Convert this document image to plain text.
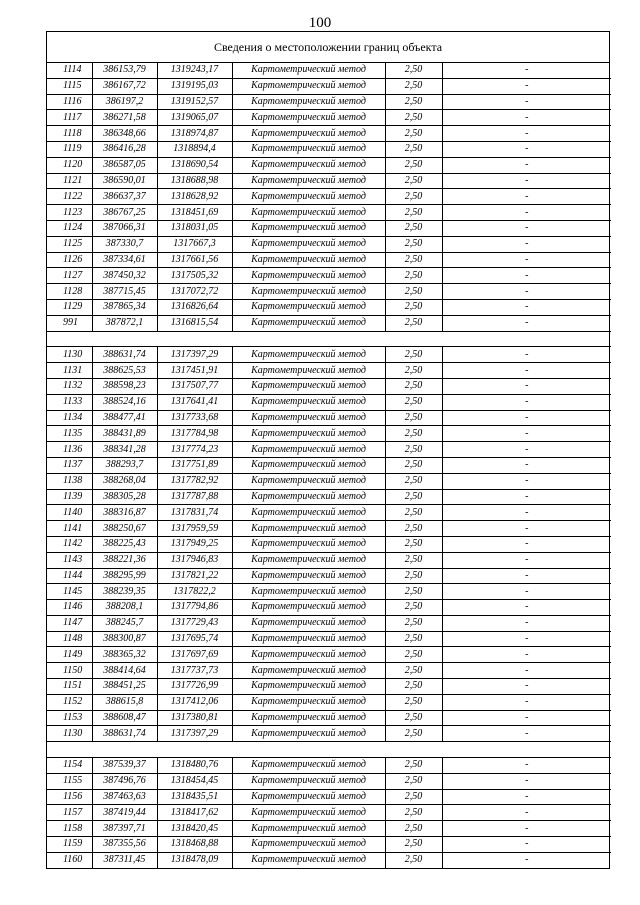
100
Сведения о местоположении границ объекта
1114	386153,79	1319243,17	Картометрический метод	2,50	-
1115	386167,72	1319195,03	Картометрический метод	2,50	-
1116	386197,2	1319152,57	Картометрический метод	2,50	-
1117	386271,58	1319065,07	Картометрический метод	2,50	-
1118	386348,66	1318974,87	Картометрический метод	2,50	-
1119	386416,28	1318894,4	Картометрический метод	2,50	-
1120	386587,05	1318690,54	Картометрический метод	2,50	-
1121	386590,01	1318688,98	Картометрический метод	2,50	-
1122	386637,37	1318628,92	Картометрический метод	2,50	-
1123	386767,25	1318451,69	Картометрический метод	2,50	-
1124	387066,31	1318031,05	Картометрический метод	2,50	-
1125	387330,7	1317667,3	Картометрический метод	2,50	-
1126	387334,61	1317661,56	Картометрический метод	2,50	-
1127	387450,32	1317505,32	Картометрический метод	2,50	-
1128	387715,45	1317072,72	Картометрический метод	2,50	-
1129	387865,34	1316826,64	Картометрический метод	2,50	-
991	387872,1	1316815,54	Картометрический метод	2,50	-

1130	388631,74	1317397,29	Картометрический метод	2,50	-
1131	388625,53	1317451,91	Картометрический метод	2,50	-
1132	388598,23	1317507,77	Картометрический метод	2,50	-
1133	388524,16	1317641,41	Картометрический метод	2,50	-
1134	388477,41	1317733,68	Картометрический метод	2,50	-
1135	388431,89	1317784,98	Картометрический метод	2,50	-
1136	388341,28	1317774,23	Картометрический метод	2,50	-
1137	388293,7	1317751,89	Картометрический метод	2,50	-
1138	388268,04	1317782,92	Картометрический метод	2,50	-
1139	388305,28	1317787,88	Картометрический метод	2,50	-
1140	388316,87	1317831,74	Картометрический метод	2,50	-
1141	388250,67	1317959,59	Картометрический метод	2,50	-
1142	388225,43	1317949,25	Картометрический метод	2,50	-
1143	388221,36	1317946,83	Картометрический метод	2,50	-
1144	388295,99	1317821,22	Картометрический метод	2,50	-
1145	388239,35	1317822,2	Картометрический метод	2,50	-
1146	388208,1	1317794,86	Картометрический метод	2,50	-
1147	388245,7	1317729,43	Картометрический метод	2,50	-
1148	388300,87	1317695,74	Картометрический метод	2,50	-
1149	388365,32	1317697,69	Картометрический метод	2,50	-
1150	388414,64	1317737,73	Картометрический метод	2,50	-
1151	388451,25	1317726,99	Картометрический метод	2,50	-
1152	388615,8	1317412,06	Картометрический метод	2,50	-
1153	388608,47	1317380,81	Картометрический метод	2,50	-
1130	388631,74	1317397,29	Картометрический метод	2,50	-

1154	387539,37	1318480,76	Картометрический метод	2,50	-
1155	387496,76	1318454,45	Картометрический метод	2,50	-
1156	387463,63	1318435,51	Картометрический метод	2,50	-
1157	387419,44	1318417,62	Картометрический метод	2,50	-
1158	387397,71	1318420,45	Картометрический метод	2,50	-
1159	387355,56	1318468,88	Картометрический метод	2,50	-
1160	387311,45	1318478,09	Картометрический метод	2,50	-
